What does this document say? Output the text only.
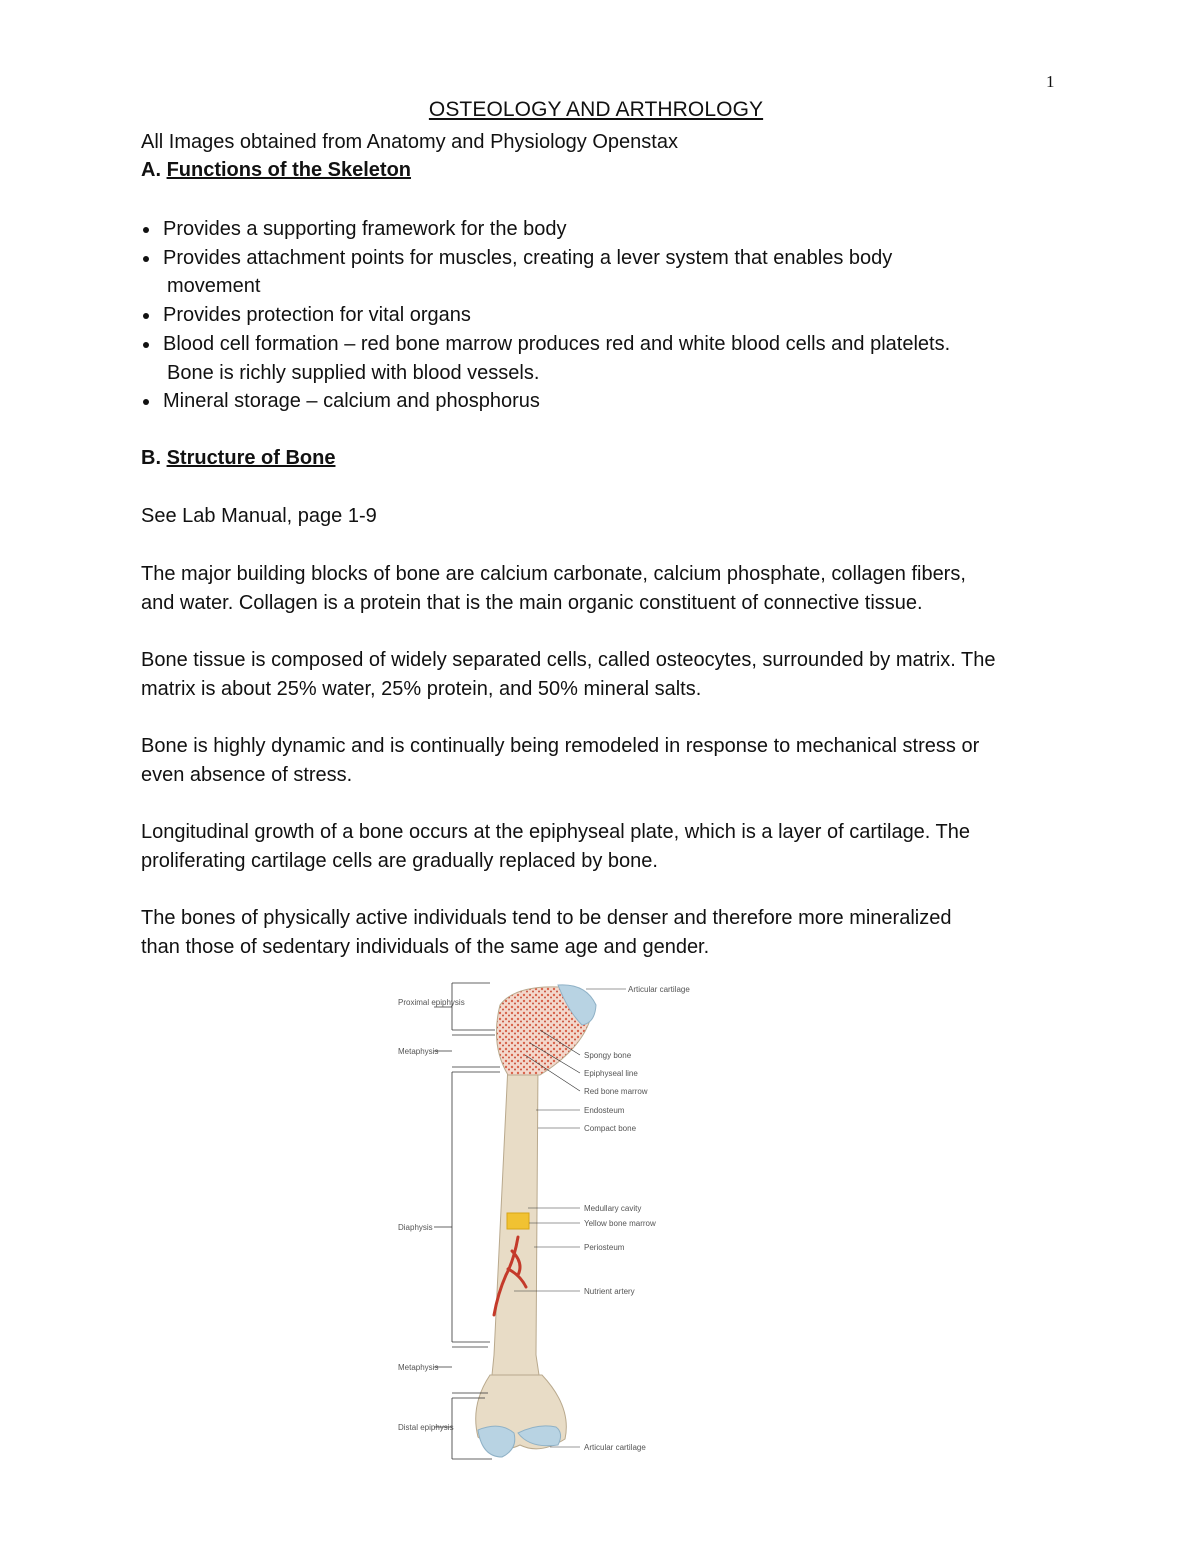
1
OSTEOLOGY AND ARTHROLOGY
All Images obtained from Anatomy and Physiology Openstax
A. Functions of the Skeleton
Provides a supporting framework for the body
Provides attachment points for muscles, creating a lever system that enables body
movement
Provides protection for vital organs
Blood cell formation – red bone marrow produces red and white blood cells and platelets.
Bone is richly supplied with blood vessels.
Mineral storage – calcium and phosphorus
B. Structure of Bone
See Lab Manual, page 1-9

The major building blocks of bone are calcium carbonate, calcium phosphate, collagen fibers,
and water. Collagen is a protein that is the main organic constituent of connective tissue.

Bone tissue is composed of widely separated cells, called osteocytes, surrounded by matrix. The
matrix is about 25% water, 25% protein, and 50% mineral salts.

Bone is highly dynamic and is continually being remodeled in response to mechanical stress or
even absence of stress.

Longitudinal growth of a bone occurs at the epiphyseal plate, which is a layer of cartilage. The
proliferating cartilage cells are gradually replaced by bone.

The bones of physically active individuals tend to be denser and therefore more mineralized
than those of sedentary individuals of the same age and gender.

Proximal epiphysis
Metaphysis
Diaphysis
Metaphysis
Distal epiphysis
Articular cartilage
Spongy bone
Epiphyseal line
Red bone marrow
Endosteum
Compact bone
Medullary cavity
Yellow bone marrow
Periosteum
Nutrient artery
Articular cartilage
